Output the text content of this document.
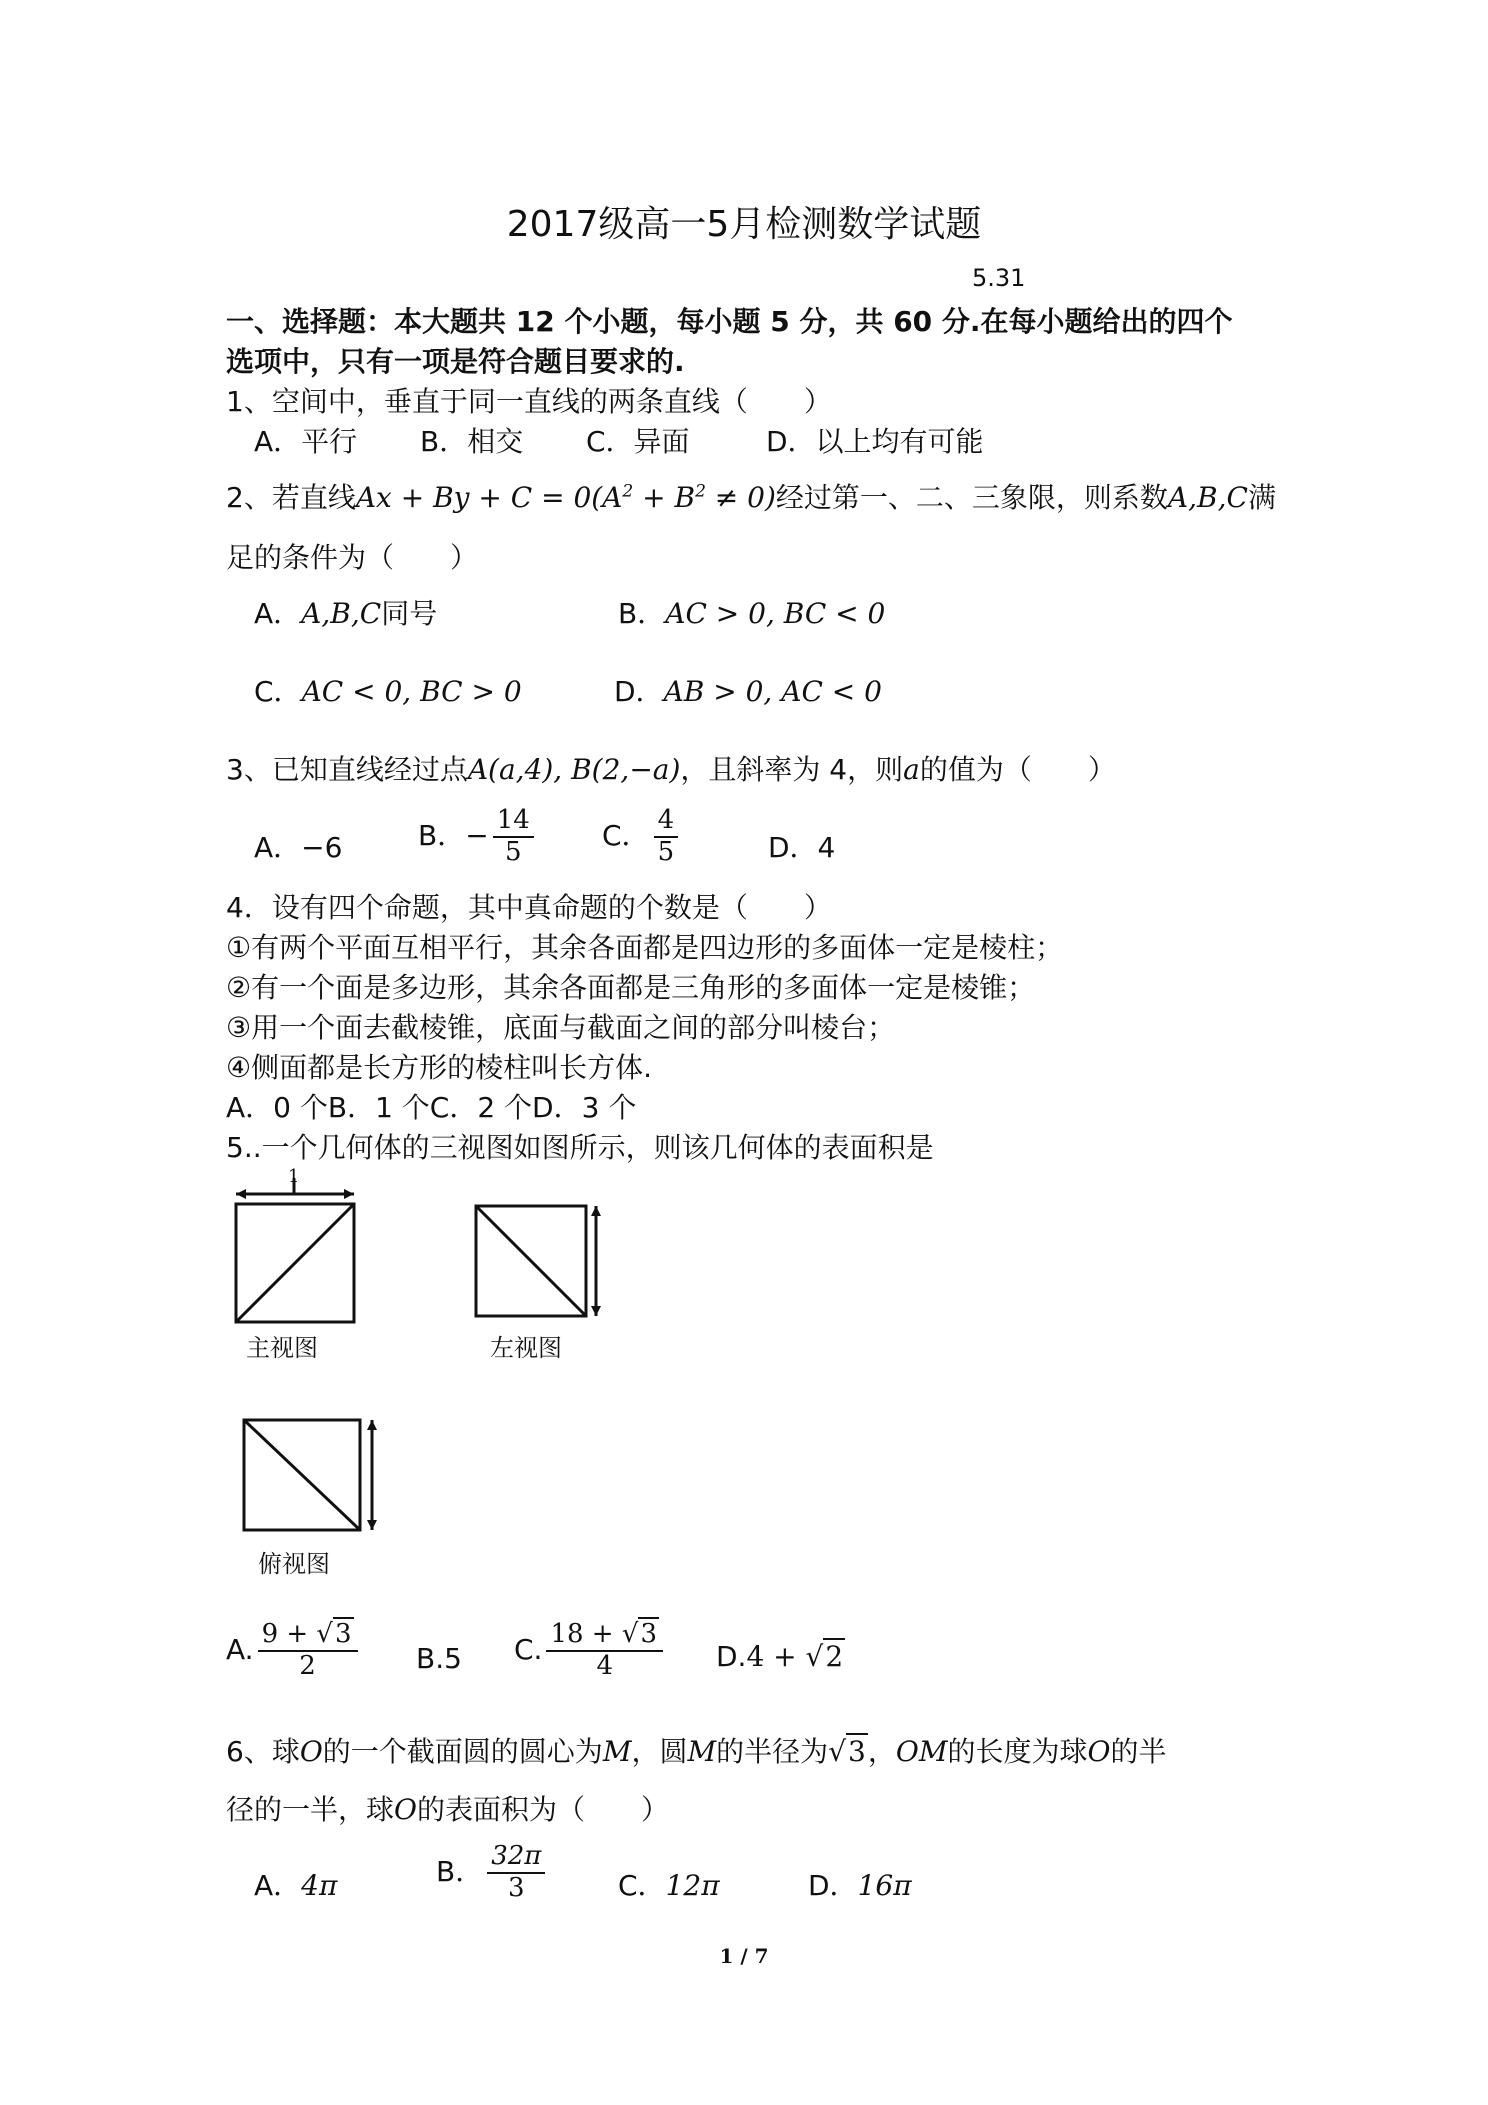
2017级高一5月检测数学试题
5.31
一、选择题：本大题共 12 个小题，每小题 5 分，共 60 分.在每小题给出的四个
选项中，只有一项是符合题目要求的.
1、空间中，垂直于同一直线的两条直线（　　）
A．平行 B．相交 C．异面	D．以上均有可能
2、若直线$Ax + By + C = 0(A^2 + B^2 \ne 0)$经过第一、二、三象限，则系数A,B,C满
足的条件为（　　）
A．A,B,C同号	B．AC > 0, BC < 0
C．AC < 0, BC > 0	D．AB > 0, AC < 0
3、已知直线经过点A(a,4), B(2,−a)，且斜率为 4，则a的值为（　　）
A．−6	B．− $\frac{14}{5}$ C． $\frac{4}{5}$	D．4
4．设有四个命题，其中真命题的个数是（　　）
①有两个平面互相平行，其余各面都是四边形的多面体一定是棱柱；
②有一个面是多边形，其余各面都是三角形的多面体一定是棱锥；
③用一个面去截棱锥，底面与截面之间的部分叫棱台；
④侧面都是长方形的棱柱叫长方体.
A．0 个B．1 个C．2 个D．3 个
5..一个几何体的三视图如图所示，则该几何体的表面积是
主视图	左视图
俯视图
A. $\frac{9 + √3}{2} B.5$ C. $\frac{18 + √3}{4} D.4 + √2$
6、球O的一个截面圆的圆心为M，圆M的半径为√3，OM的长度为球O的半
径的一半，球O的表面积为（　　）
A．4π	B． $\frac{32\pi}{3}$	C．12π	D．16π
1 / 7
1
